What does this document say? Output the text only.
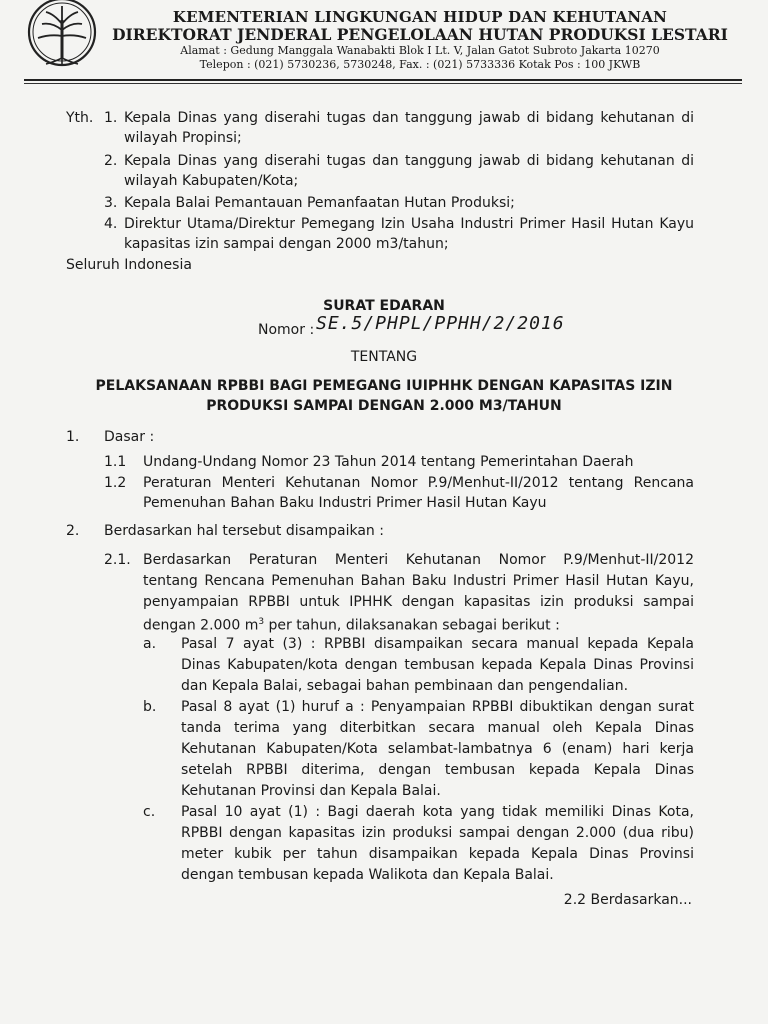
KEMENTERIAN LINGKUNGAN HIDUP DAN KEHUTANAN
DIREKTORAT JENDERAL PENGELOLAAN HUTAN PRODUKSI LESTARI
Alamat : Gedung Manggala Wanabakti Blok I Lt. V, Jalan Gatot Subroto Jakarta 10270
Telepon : (021) 5730236, 5730248, Fax. : (021) 5733336 Kotak Pos : 100 JKWB
Yth. 1. Kepala Dinas yang diserahi tugas dan tanggung jawab di bidang kehutanan di
wilayah Propinsi;
2. Kepala Dinas yang diserahi tugas dan tanggung jawab di bidang kehutanan di
wilayah Kabupaten/Kota;
3. Kepala Balai Pemantauan Pemanfaatan Hutan Produksi;
4. Direktur Utama/Direktur Pemegang Izin Usaha Industri Primer Hasil Hutan Kayu
kapasitas izin sampai dengan 2000 m3/tahun;
Seluruh Indonesia
SURAT EDARAN
Nomor : SE.5/PHPL/PPHH/2/2016
TENTANG
PELAKSANAAN RPBBI BAGI PEMEGANG IUIPHHK DENGAN KAPASITAS IZIN
PRODUKSI SAMPAI DENGAN 2.000 M3/TAHUN
1. Dasar :
1.1 Undang-Undang Nomor 23 Tahun 2014 tentang Pemerintahan Daerah
1.2 Peraturan Menteri Kehutanan Nomor P.9/Menhut-II/2012 tentang Rencana
Pemenuhan Bahan Baku Industri Primer Hasil Hutan Kayu
2. Berdasarkan hal tersebut disampaikan :
2.1. Berdasarkan Peraturan Menteri Kehutanan Nomor P.9/Menhut-II/2012
tentang Rencana Pemenuhan Bahan Baku Industri Primer Hasil Hutan Kayu,
penyampaian RPBBI untuk IPHHK dengan kapasitas izin produksi sampai
dengan 2.000 $m^3$ per tahun, dilaksanakan sebagai berikut :
a. Pasal 7 ayat (3) : RPBBI disampaikan secara manual kepada Kepala
Dinas Kabupaten/kota dengan tembusan kepada Kepala Dinas Provinsi
dan Kepala Balai, sebagai bahan pembinaan dan pengendalian.
b. Pasal 8 ayat (1) huruf a : Penyampaian RPBBI dibuktikan dengan surat
tanda terima yang diterbitkan secara manual oleh Kepala Dinas
Kehutanan Kabupaten/Kota selambat-lambatnya 6 (enam) hari kerja
setelah RPBBI diterima, dengan tembusan kepada Kepala Dinas
Kehutanan Provinsi dan Kepala Balai.
c. Pasal 10 ayat (1) : Bagi daerah kota yang tidak memiliki Dinas Kota,
RPBBI dengan kapasitas izin produksi sampai dengan 2.000 (dua ribu)
meter kubik per tahun disampaikan kepada Kepala Dinas Provinsi
dengan tembusan kepada Walikota dan Kepala Balai.
2.2 Berdasarkan...
